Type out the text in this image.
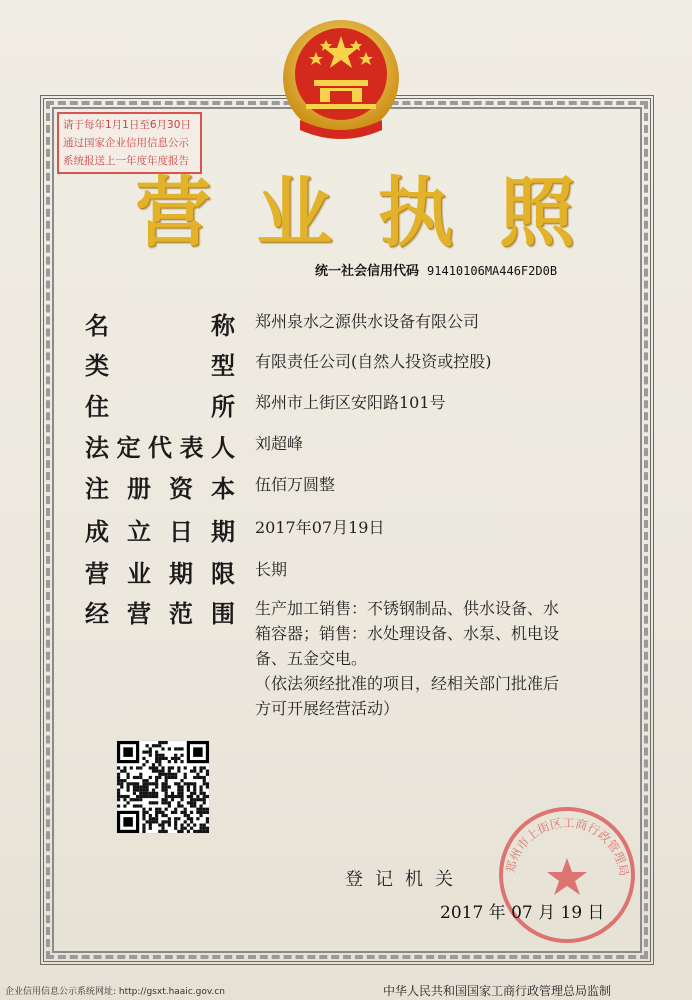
请于每年1月1日至6月30日
通过国家企业信用信息公示
系统报送上一年度年度报告
营 业 执 照
统一社会信用代码 91410106MA446F2D0B
名	称 郑州泉水之源供水设备有限公司
类	型 有限责任公司(自然人投资或控股)
住	所 郑州市上街区安阳路101号
法 定 代 表 人 刘超峰
注 册 资 本 伍佰万圆整
成 立 日 期 2017年07月19日
营 业 期 限 长期
经 营 范 围 生产加工销售：不锈钢制品、供水设备、水

箱容器；销售：水处理设备、水泵、机电设

备、五金交电。

（依法须经批准的项目，经相关部门批准后

方可开展经营活动）

郑州市上街区工商行政管理局
登记机关
2017 年 07 月 19 日
企业信用信息公示系统网址: http://gsxt.haaic.gov.cn	中华人民共和国国家工商行政管理总局监制
